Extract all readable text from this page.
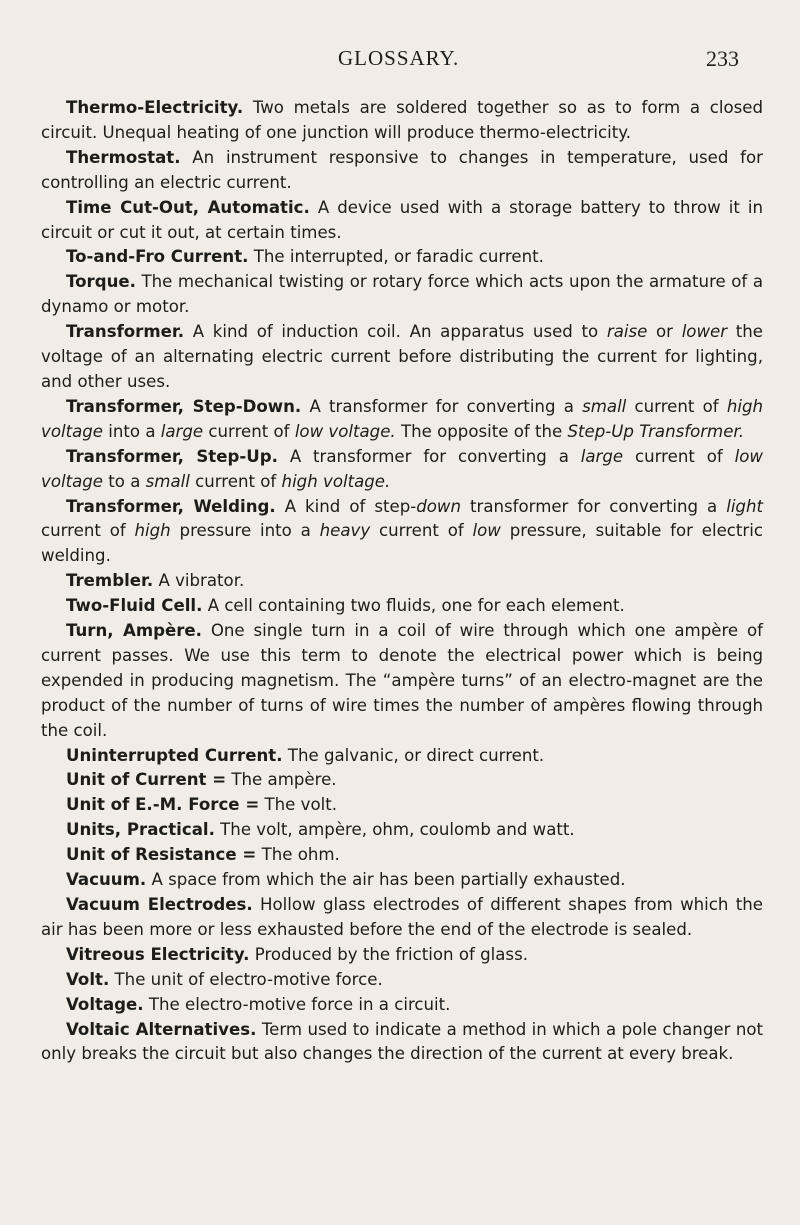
GLOSSARY.	233

Thermo-Electricity. Two metals are soldered together so as to form a closed circuit. Unequal heating of one junction will produce thermo-electricity.

Thermostat. An instrument responsive to changes in temperature, used for controlling an electric current.

Time Cut-Out, Automatic. A device used with a storage battery to throw it in circuit or cut it out, at certain times.

To-and-Fro Current. The interrupted, or faradic current.

Torque. The mechanical twisting or rotary force which acts upon the armature of a dynamo or motor.

Transformer. A kind of induction coil. An apparatus used to raise or lower the voltage of an alternating electric current before distributing the current for lighting, and other uses.

Transformer, Step-Down. A transformer for converting a small current of high voltage into a large current of low voltage. The opposite of the Step-Up Transformer.

Transformer, Step-Up. A transformer for converting a large current of low voltage to a small current of high voltage.

Transformer, Welding. A kind of step-down transformer for converting a light current of high pressure into a heavy current of low pressure, suitable for electric welding.

Trembler. A vibrator.

Two-Fluid Cell. A cell containing two fluids, one for each element.

Turn, Ampère. One single turn in a coil of wire through which one ampère of current passes. We use this term to denote the electrical power which is being expended in producing magnetism. The “ampère turns” of an electro-magnet are the product of the number of turns of wire times the number of ampères flowing through the coil.

Uninterrupted Current. The galvanic, or direct current.

Unit of Current = The ampère.

Unit of E.-M. Force = The volt.

Units, Practical. The volt, ampère, ohm, coulomb and watt.

Unit of Resistance = The ohm.

Vacuum. A space from which the air has been partially exhausted.

Vacuum Electrodes. Hollow glass electrodes of different shapes from which the air has been more or less exhausted before the end of the electrode is sealed.

Vitreous Electricity. Produced by the friction of glass.

Volt. The unit of electro-motive force.

Voltage. The electro-motive force in a circuit.

Voltaic Alternatives. Term used to indicate a method in which a pole changer not only breaks the circuit but also changes the direction of the current at every break.
